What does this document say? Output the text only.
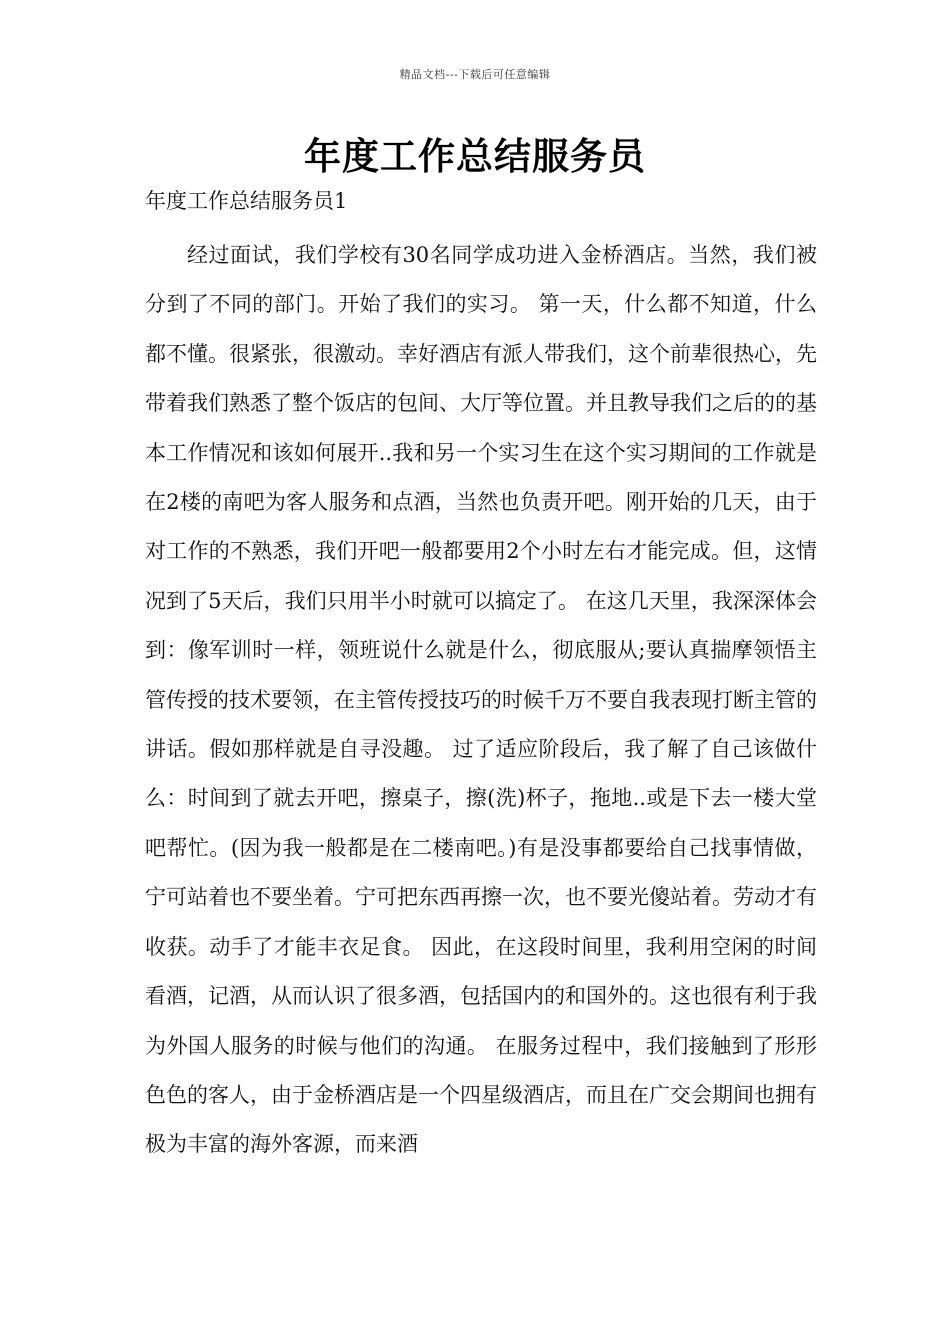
精品文档---下载后可任意编辑
年度工作总结服务员

年度工作总结服务员1

经过面试，我们学校有30名同学成功进入金桥酒店。当然，我们被分到了不同的部门。开始了我们的实习。 第一天，什么都不知道，什么都不懂。很紧张，很激动。幸好酒店有派人带我们，这个前辈很热心，先带着我们熟悉了整个饭店的包间、大厅等位置。并且教导我们之后的的基本工作情况和该如何展开..我和另一个实习生在这个实习期间的工作就是在2楼的南吧为客人服务和点酒，当然也负责开吧。刚开始的几天，由于对工作的不熟悉，我们开吧一般都要用2个小时左右才能完成。但，这情况到了5天后，我们只用半小时就可以搞定了。 在这几天里，我深深体会到：像军训时一样，领班说什么就是什么，彻底服从;要认真揣摩领悟主管传授的技术要领，在主管传授技巧的时候千万不要自我表现打断主管的讲话。假如那样就是自寻没趣。 过了适应阶段后，我了解了自己该做什么：时间到了就去开吧，擦桌子，擦(洗)杯子，拖地..或是下去一楼大堂吧帮忙。(因为我一般都是在二楼南吧。)有是没事都要给自己找事情做，宁可站着也不要坐着。宁可把东西再擦一次，也不要光傻站着。劳动才有收获。动手了才能丰衣足食。 因此，在这段时间里，我利用空闲的时间看酒，记酒，从而认识了很多酒，包括国内的和国外的。这也很有利于我为外国人服务的时候与他们的沟通。 在服务过程中，我们接触到了形形色色的客人，由于金桥酒店是一个四星级酒店，而且在广交会期间也拥有极为丰富的海外客源，而来酒
